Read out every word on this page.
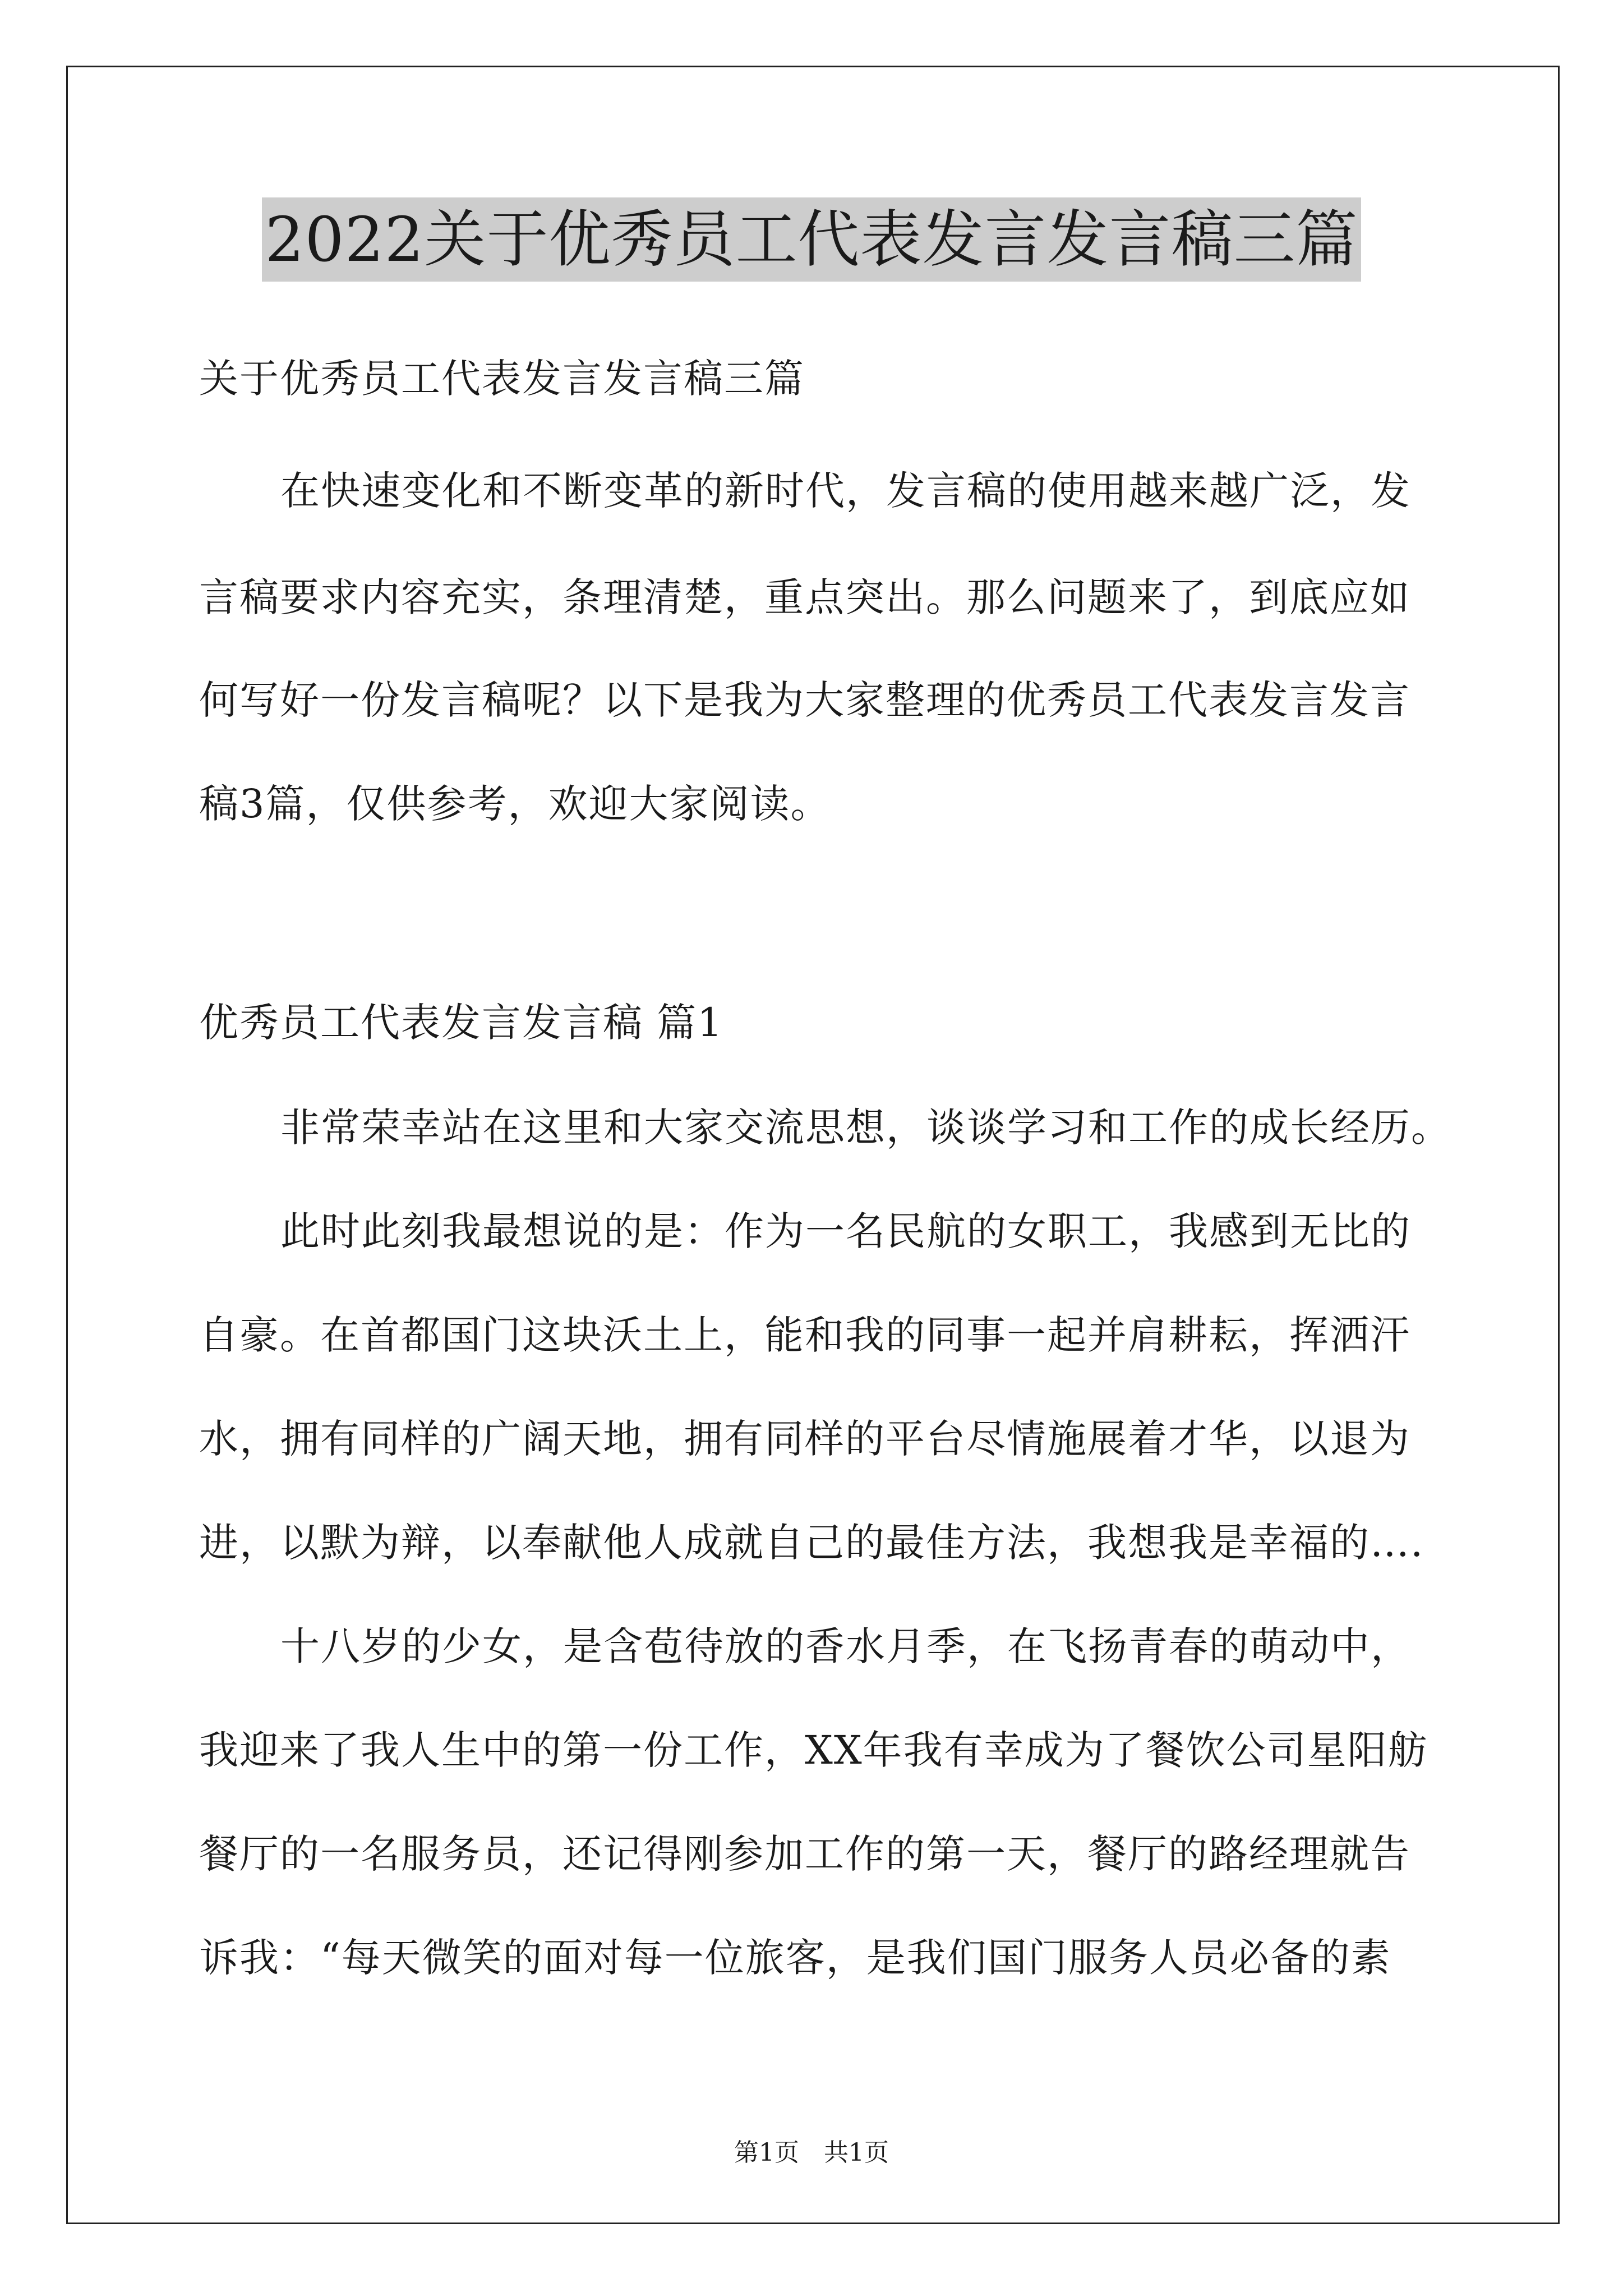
2022关于优秀员工代表发言发言稿三篇
关于优秀员工代表发言发言稿三篇
在快速变化和不断变革的新时代，发言稿的使用越来越广泛，发
言稿要求内容充实，条理清楚，重点突出。那么问题来了，到底应如
何写好一份发言稿呢？以下是我为大家整理的优秀员工代表发言发言
稿3篇，仅供参考，欢迎大家阅读。
优秀员工代表发言发言稿 篇1
非常荣幸站在这里和大家交流思想，谈谈学习和工作的成长经历。
此时此刻我最想说的是：作为一名民航的女职工，我感到无比的
自豪。在首都国门这块沃土上，能和我的同事一起并肩耕耘，挥洒汗
水，拥有同样的广阔天地，拥有同样的平台尽情施展着才华，以退为
进，以默为辩，以奉献他人成就自己的最佳方法，我想我是幸福的….
十八岁的少女，是含苞待放的香水月季，在飞扬青春的萌动中，
我迎来了我人生中的第一份工作，XX年我有幸成为了餐饮公司星阳舫
餐厅的一名服务员，还记得刚参加工作的第一天，餐厅的路经理就告
诉我：“每天微笑的面对每一位旅客，是我们国门服务人员必备的素
第1页　共1页
